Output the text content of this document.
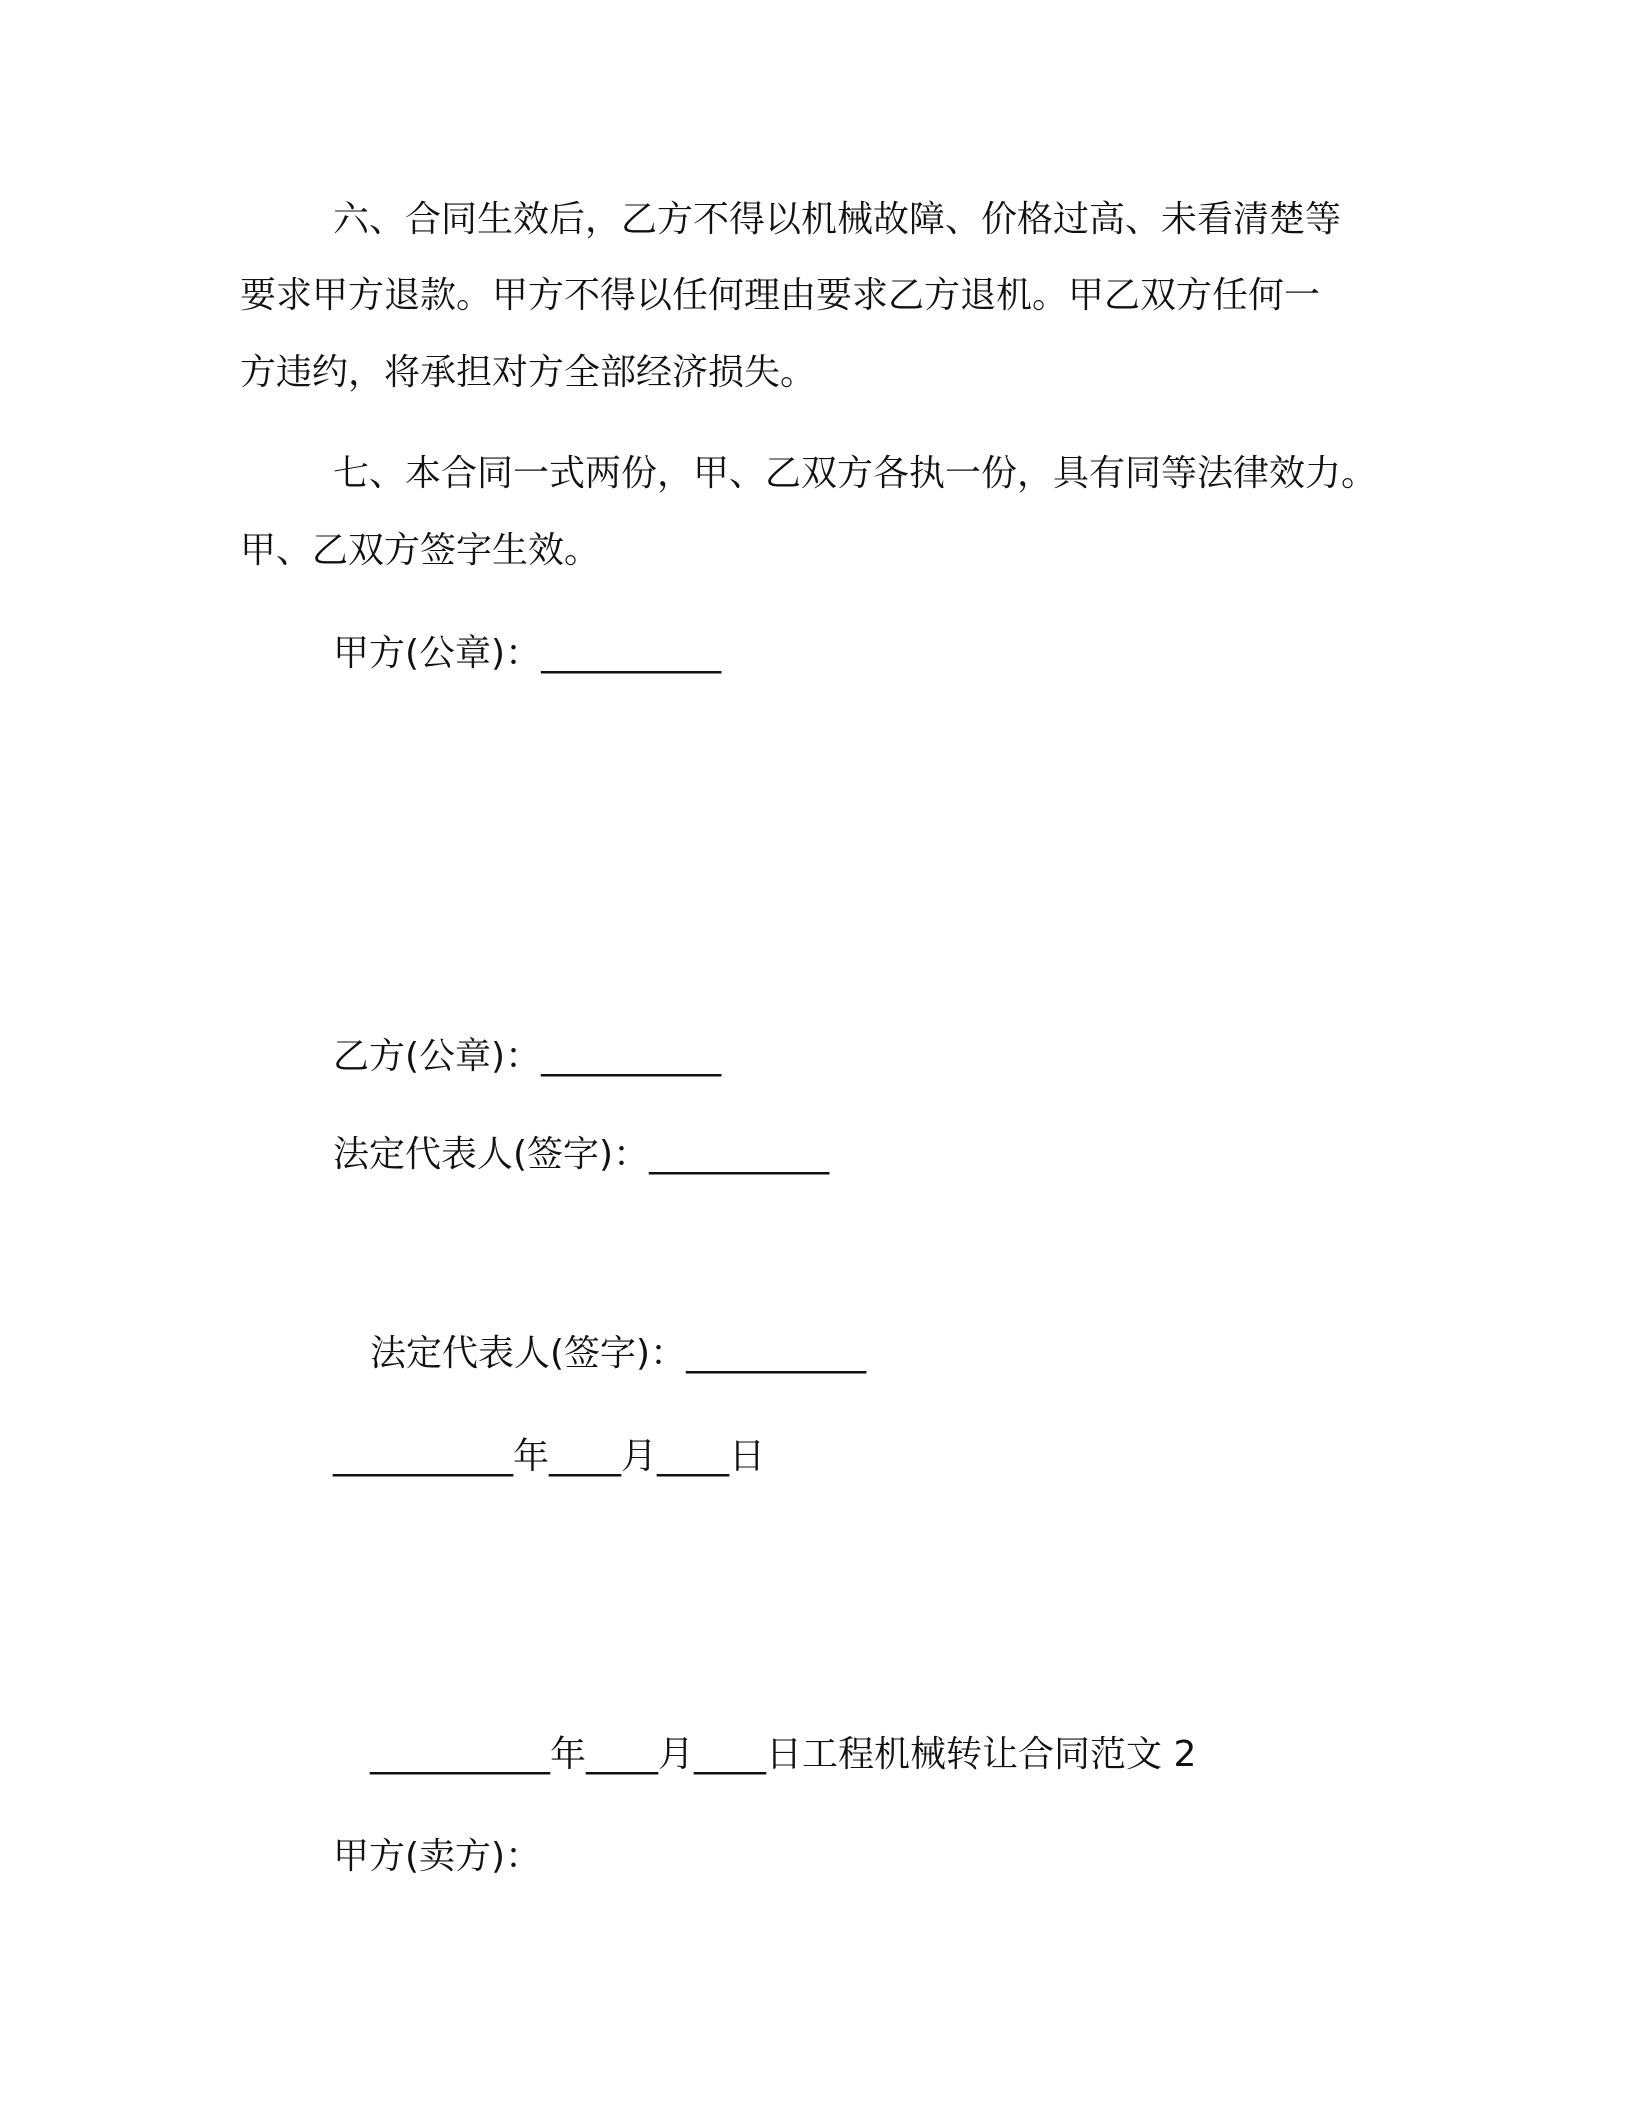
六、合同生效后，乙方不得以机械故障、价格过高、未看清楚等
要求甲方退款。甲方不得以任何理由要求乙方退机。甲乙双方任何一
方违约，将承担对方全部经济损失。
七、本合同一式两份，甲、乙双方各执一份，具有同等法律效力。
甲、乙双方签字生效。
甲方(公章)：__________
乙方(公章)：__________
法定代表人(签字)：__________
法定代表人(签字)：__________
__________年____月____日
__________年____月____日工程机械转让合同范文 2
甲方(卖方)：
